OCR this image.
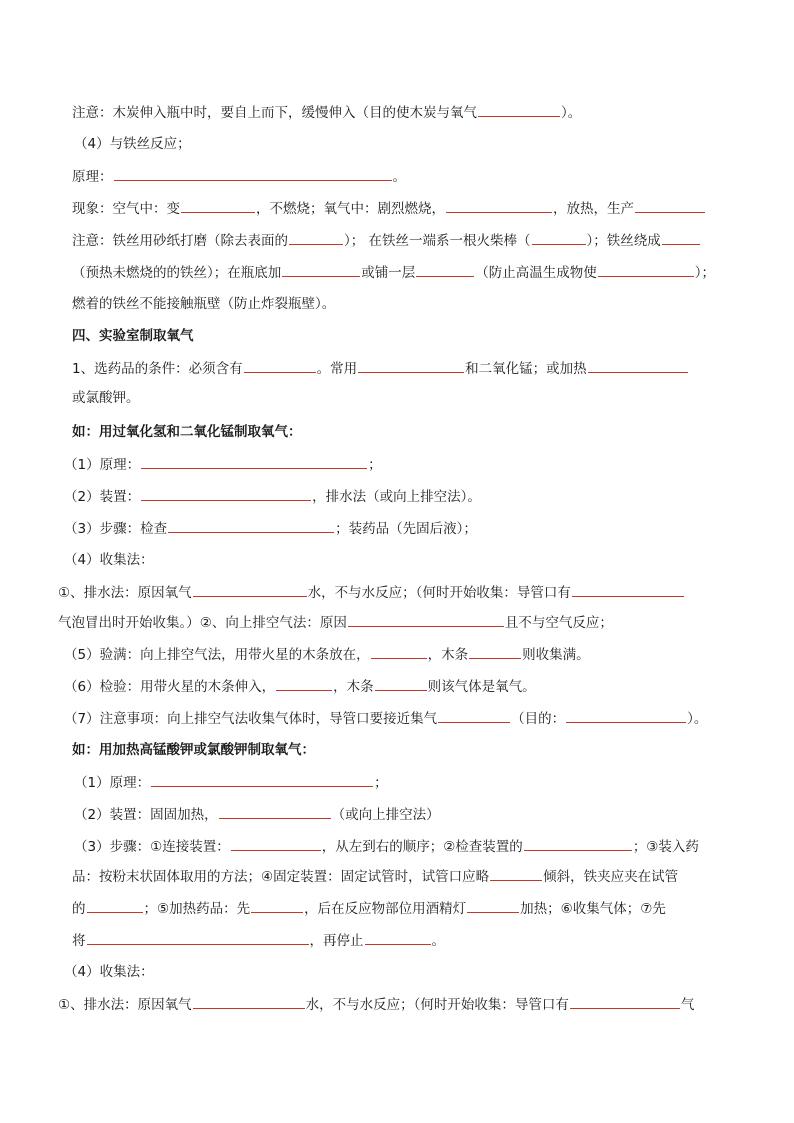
注意：木炭伸入瓶中时，要自上而下，缓慢伸入（目的使木炭与氧气	）。
（4）与铁丝反应；
原理：	。
现象：空气中：变	，不燃烧；氧气中：剧烈燃烧，	，放热，生产
注意：铁丝用砂纸打磨（除去表面的	）； 在铁丝一端系一根火柴棒（	）；铁丝绕成
（预热未燃烧的的铁丝）；在瓶底加	或铺一层	（防止高温生成物使	）；
燃着的铁丝不能接触瓶壁（防止炸裂瓶壁）。
四、实验室制取氧气
1、选药品的条件：必须含有	。常用	和二氧化锰；或加热
或氯酸钾。
如：用过氧化氢和二氧化锰制取氧气：
（1）原理：	；
（2）装置：	，排水法（或向上排空法）。
（3）步骤：检查	；装药品（先固后液）；
（4）收集法：
①、排水法：原因氧气	水，不与水反应；（何时开始收集：导管口有
气泡冒出时开始收集。）②、向上排空气法：原因	且不与空气反应；
（5）验满：向上排空气法，用带火星的木条放在，	，木条	则收集满。
（6）检验：用带火星的木条伸入，	，木条	则该气体是氧气。
（7）注意事项：向上排空气法收集气体时，导管口要接近集气	（目的：	）。
如：用加热高锰酸钾或氯酸钾制取氧气：
（1）原理：	；
（2）装置：固固加热，	（或向上排空法）
（3）步骤：①连接装置：	，从左到右的顺序；②检查装置的	；③装入药
品：按粉末状固体取用的方法；④固定装置：固定试管时，试管口应略	倾斜，铁夹应夹在试管
的	；⑤加热药品：先	，后在反应物部位用酒精灯	加热；⑥收集气体；⑦先
将	，再停止	。
（4）收集法：
①、排水法：原因氧气	水，不与水反应；（何时开始收集：导管口有	气
